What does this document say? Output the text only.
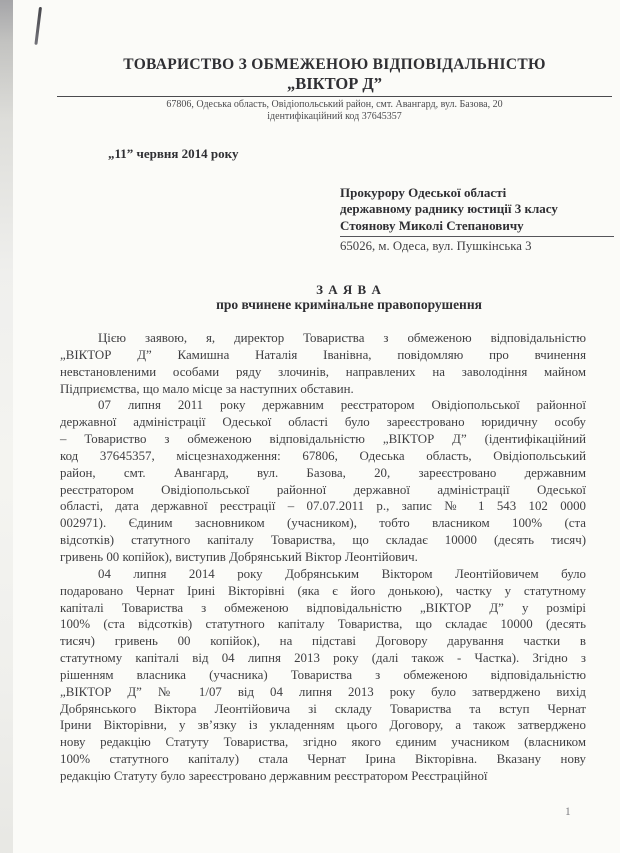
ТОВАРИСТВО З ОБМЕЖЕНОЮ ВІДПОВІДАЛЬНІСТЮ
„ВІКТОР Д”
67806, Одеська область, Овідіопольський район, смт. Авангард, вул. Базова, 20
ідентифікаційний код 37645357
„11” червня 2014 року
Прокурору Одеської області
державному раднику юстиції 3 класу
Стоянову Миколі Степановичу
65026, м. Одеса, вул. Пушкінська 3
З А Я В А
про вчинене кримінальне правопорушення
Цією заявою, я, директор Товариства з обмеженою відповідальністю
„ВІКТОР Д” Камишна Наталія Іванівна, повідомляю про вчинення
невстановленими особами ряду злочинів, направлених на заволодіння майном
Підприємства, що мало місце за наступних обставин.
07 липня 2011 року державним реєстратором Овідіопольської районної
державної адміністрації Одеської області було зареєстровано юридичну особу
– Товариство з обмеженою відповідальністю „ВІКТОР Д” (ідентифікаційний
код 37645357, місцезнаходження: 67806, Одеська область, Овідіопольський
район, смт. Авангард, вул. Базова, 20, зареєстровано державним
реєстратором Овідіопольської районної державної адміністрації Одеської
області, дата державної реєстрації – 07.07.2011 р., запис № 1 543 102 0000
002971). Єдиним засновником (учасником), тобто власником 100% (ста
відсотків) статутного капіталу Товариства, що складає 10000 (десять тисяч)
гривень 00 копійок), виступив Добрянський Віктор Леонтійович.
04 липня 2014 року Добрянським Віктором Леонтійовичем було
подаровано Чернат Ірині Вікторівні (яка є його донькою), частку у статутному
капіталі Товариства з обмеженою відповідальністю „ВІКТОР Д” у розмірі
100% (ста відсотків) статутного капіталу Товариства, що складає 10000 (десять
тисяч) гривень 00 копійок), на підставі Договору дарування частки в
статутному капіталі від 04 липня 2013 року (далі також - Частка). Згідно з
рішенням власника (учасника) Товариства з обмеженою відповідальністю
„ВІКТОР Д” № 1/07 від 04 липня 2013 року було затверджено вихід
Добрянського Віктора Леонтійовича зі складу Товариства та вступ Чернат
Ірини Вікторівни, у зв’язку із укладенням цього Договору, а також затверджено
нову редакцію Статуту Товариства, згідно якого єдиним учасником (власником
100% статутного капіталу) стала Чернат Ірина Вікторівна. Вказану нову
редакцію Статуту було зареєстровано державним реєстратором Реєстраційної
1
